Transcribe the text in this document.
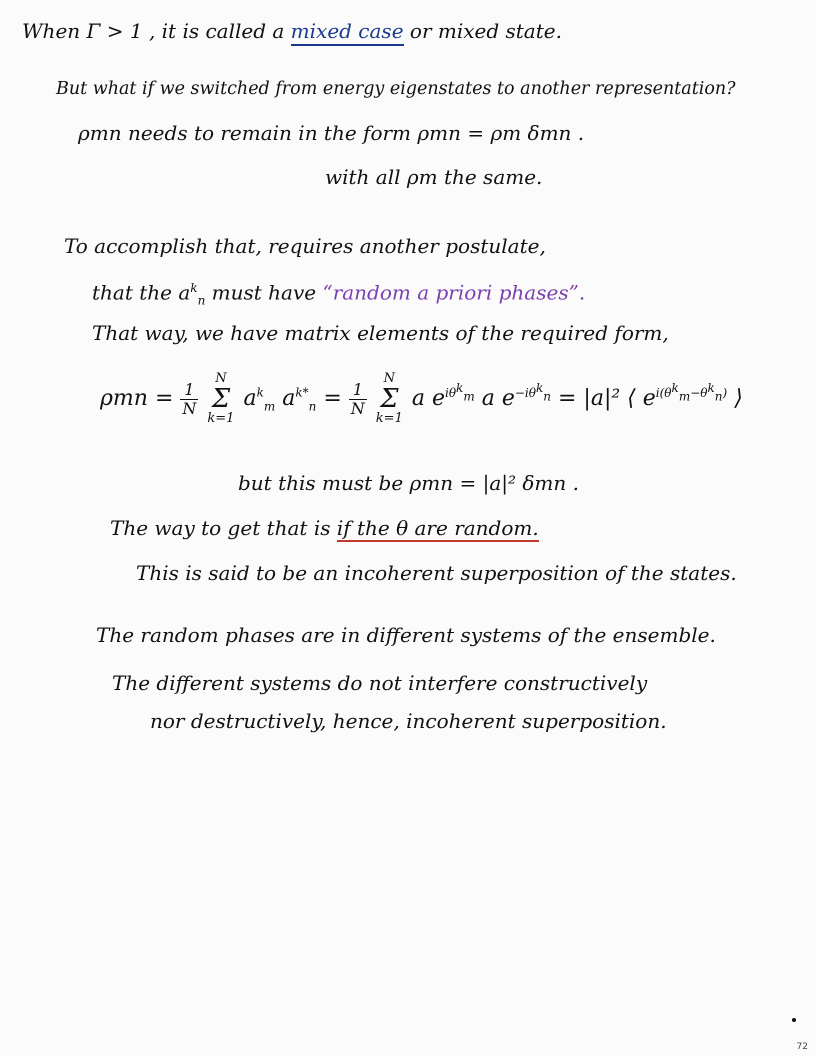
When Γ > 1 , it is called a mixed case or mixed state.
But what if we switched from energy eigenstates to another representation?
ρmn needs to remain in the form ρmn = ρm δmn .
with all ρm the same.
To accomplish that, requires another postulate,
that the $a^k_n$ must have “random a priori phases”.
That way, we have matrix elements of the required form,
$\rho mn = \frac{1}{N}$

N
Σ
k=1
$a^k_m$ $a^{k*}_n = \frac{1}{N}$

N
Σ
k=1
a $e^{i\theta^k_m}$ a $e^{-i\theta^k_n} = |a|^2$ ⟨ $e^{i(\theta^k_m-\theta^k_n)}$ ⟩
but this must be ρmn = |a|² δmn .
The way to get that is if the θ are random.
This is said to be an incoherent superposition of the states.
The random phases are in different systems of the ensemble.
The different systems do not interfere constructively
nor destructively, hence, incoherent superposition.
72
